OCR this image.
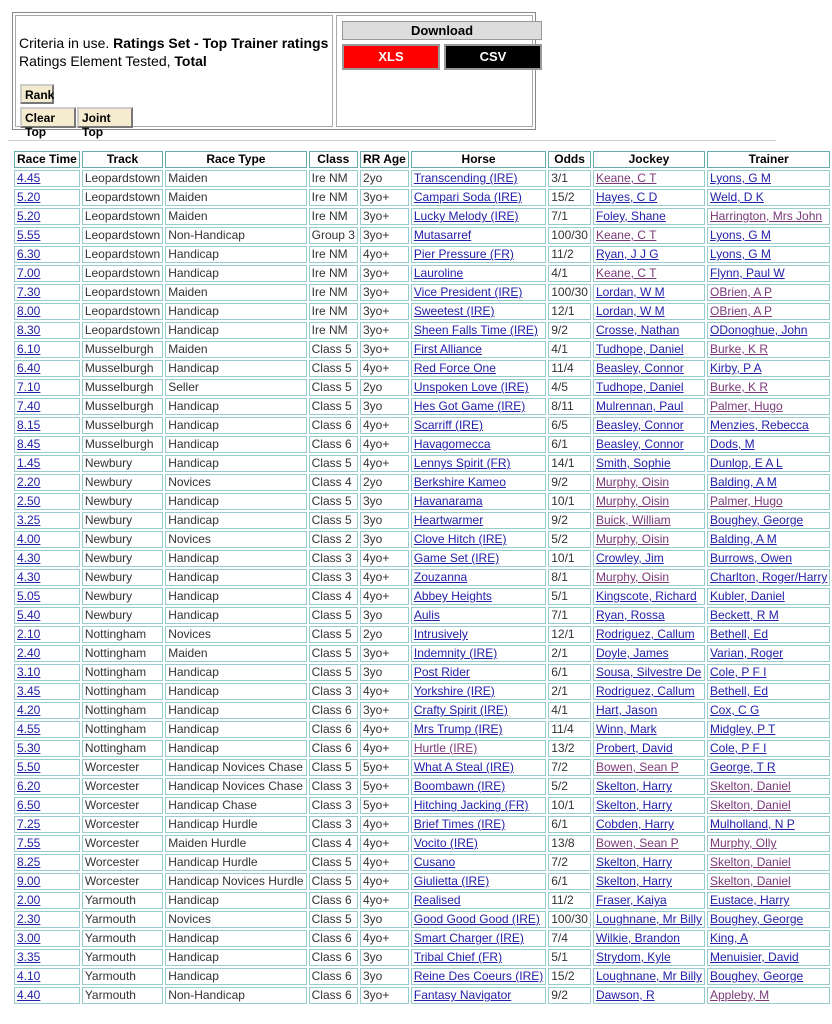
Criteria in use. Ratings Set - Top Trainer ratings
Ratings Element Tested, Total
Rank
Clear Top
Joint Top
Download
XLS	CSV
Race Time	Track	Race Type	Class	RR Age	Horse	Odds	Jockey	Trainer
4.45	Leopardstown	Maiden	Ire NM	2yo	Transcending (IRE)	3/1	Keane, C T	Lyons, G M
5.20	Leopardstown	Maiden	Ire NM	3yo+	Campari Soda (IRE)	15/2	Hayes, C D	Weld, D K
5.20	Leopardstown	Maiden	Ire NM	3yo+	Lucky Melody (IRE)	7/1	Foley, Shane	Harrington, Mrs John
5.55	Leopardstown	Non-Handicap	Group 3	3yo+	Mutasarref	100/30	Keane, C T	Lyons, G M
6.30	Leopardstown	Handicap	Ire NM	4yo+	Pier Pressure (FR)	11/2	Ryan, J J G	Lyons, G M
7.00	Leopardstown	Handicap	Ire NM	3yo+	Lauroline	4/1	Keane, C T	Flynn, Paul W
7.30	Leopardstown	Maiden	Ire NM	3yo+	Vice President (IRE)	100/30	Lordan, W M	OBrien, A P
8.00	Leopardstown	Handicap	Ire NM	3yo+	Sweetest (IRE)	12/1	Lordan, W M	OBrien, A P
8.30	Leopardstown	Handicap	Ire NM	3yo+	Sheen Falls Time (IRE)	9/2	Crosse, Nathan	ODonoghue, John
6.10	Musselburgh	Maiden	Class 5	3yo+	First Alliance	4/1	Tudhope, Daniel	Burke, K R
6.40	Musselburgh	Handicap	Class 5	4yo+	Red Force One	11/4	Beasley, Connor	Kirby, P A
7.10	Musselburgh	Seller	Class 5	2yo	Unspoken Love (IRE)	4/5	Tudhope, Daniel	Burke, K R
7.40	Musselburgh	Handicap	Class 5	3yo	Hes Got Game (IRE)	8/11	Mulrennan, Paul	Palmer, Hugo
8.15	Musselburgh	Handicap	Class 6	4yo+	Scarriff (IRE)	6/5	Beasley, Connor	Menzies, Rebecca
8.45	Musselburgh	Handicap	Class 6	4yo+	Havagomecca	6/1	Beasley, Connor	Dods, M
1.45	Newbury	Handicap	Class 5	4yo+	Lennys Spirit (FR)	14/1	Smith, Sophie	Dunlop, E A L
2.20	Newbury	Novices	Class 4	2yo	Berkshire Kameo	9/2	Murphy, Oisin	Balding, A M
2.50	Newbury	Handicap	Class 5	3yo	Havanarama	10/1	Murphy, Oisin	Palmer, Hugo
3.25	Newbury	Handicap	Class 5	3yo	Heartwarmer	9/2	Buick, William	Boughey, George
4.00	Newbury	Novices	Class 2	3yo	Clove Hitch (IRE)	5/2	Murphy, Oisin	Balding, A M
4.30	Newbury	Handicap	Class 3	4yo+	Game Set (IRE)	10/1	Crowley, Jim	Burrows, Owen
4.30	Newbury	Handicap	Class 3	4yo+	Zouzanna	8/1	Murphy, Oisin	Charlton, Roger/Harry
5.05	Newbury	Handicap	Class 4	4yo+	Abbey Heights	5/1	Kingscote, Richard	Kubler, Daniel
5.40	Newbury	Handicap	Class 5	3yo	Aulis	7/1	Ryan, Rossa	Beckett, R M
2.10	Nottingham	Novices	Class 5	2yo	Intrusively	12/1	Rodriguez, Callum	Bethell, Ed
2.40	Nottingham	Maiden	Class 5	3yo+	Indemnity (IRE)	2/1	Doyle, James	Varian, Roger
3.10	Nottingham	Handicap	Class 5	3yo	Post Rider	6/1	Sousa, Silvestre De	Cole, P F I
3.45	Nottingham	Handicap	Class 3	4yo+	Yorkshire (IRE)	2/1	Rodriguez, Callum	Bethell, Ed
4.20	Nottingham	Handicap	Class 6	3yo+	Crafty Spirit (IRE)	4/1	Hart, Jason	Cox, C G
4.55	Nottingham	Handicap	Class 6	4yo+	Mrs Trump (IRE)	11/4	Winn, Mark	Midgley, P T
5.30	Nottingham	Handicap	Class 6	4yo+	Hurtle (IRE)	13/2	Probert, David	Cole, P F I
5.50	Worcester	Handicap Novices Chase	Class 5	5yo+	What A Steal (IRE)	7/2	Bowen, Sean P	George, T R
6.20	Worcester	Handicap Novices Chase	Class 3	5yo+	Boombawn (IRE)	5/2	Skelton, Harry	Skelton, Daniel
6.50	Worcester	Handicap Chase	Class 3	5yo+	Hitching Jacking (FR)	10/1	Skelton, Harry	Skelton, Daniel
7.25	Worcester	Handicap Hurdle	Class 3	4yo+	Brief Times (IRE)	6/1	Cobden, Harry	Mulholland, N P
7.55	Worcester	Maiden Hurdle	Class 4	4yo+	Vocito (IRE)	13/8	Bowen, Sean P	Murphy, Olly
8.25	Worcester	Handicap Hurdle	Class 5	4yo+	Cusano	7/2	Skelton, Harry	Skelton, Daniel
9.00	Worcester	Handicap Novices Hurdle	Class 5	4yo+	Giulietta (IRE)	6/1	Skelton, Harry	Skelton, Daniel
2.00	Yarmouth	Handicap	Class 6	4yo+	Realised	11/2	Fraser, Kaiya	Eustace, Harry
2.30	Yarmouth	Novices	Class 5	3yo	Good Good Good (IRE)	100/30	Loughnane, Mr Billy	Boughey, George
3.00	Yarmouth	Handicap	Class 6	4yo+	Smart Charger (IRE)	7/4	Wilkie, Brandon	King, A
3.35	Yarmouth	Handicap	Class 6	3yo	Tribal Chief (FR)	5/1	Strydom, Kyle	Menuisier, David
4.10	Yarmouth	Handicap	Class 6	3yo	Reine Des Coeurs (IRE)	15/2	Loughnane, Mr Billy	Boughey, George
4.40	Yarmouth	Non-Handicap	Class 6	3yo+	Fantasy Navigator	9/2	Dawson, R	Appleby, M
